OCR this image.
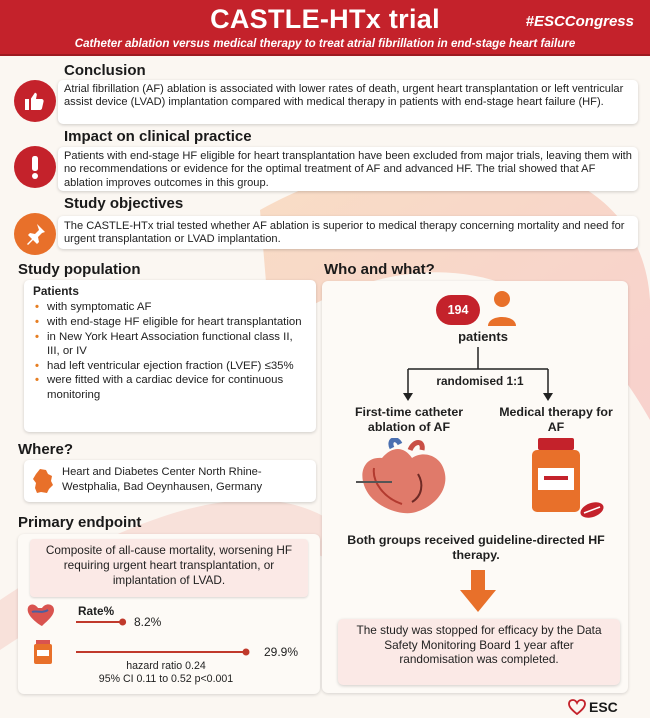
CASTLE-HTx trial	#ESCCongress
Catheter ablation versus medical therapy to treat atrial fibrillation in end-stage heart failure
Conclusion
Atrial fibrillation (AF) ablation is associated with lower rates of death, urgent heart transplantation or left ventricular assist device (LVAD) implantation compared with medical therapy in patients with end-stage heart failure (HF).
Impact on clinical practice
Patients with end-stage HF eligible for heart transplantation have been excluded from major trials, leaving them with no recommendations or evidence for the optimal treatment of AF and advanced HF. The trial showed that AF ablation improves outcomes in this group.
Study objectives
The CASTLE-HTx trial tested whether AF ablation is superior to medical therapy concerning mortality and need for urgent transplantation or LVAD implantation.
Study population
Patients
• with symptomatic AF
• with end-stage HF eligible for heart transplantation
• in New York Heart Association functional class II, III, or IV
• had left ventricular ejection fraction (LVEF) ≤35%
• were fitted with a cardiac device for continuous monitoring
Where?
Heart and Diabetes Center North Rhine-Westphalia, Bad Oeynhausen, Germany
Primary endpoint
Composite of all-cause mortality, worsening HF requiring urgent heart transplantation, or implantation of LVAD.
Rate%
8.2%
29.9%
hazard ratio 0.24
95% CI 0.11 to 0.52 p<0.001
Who and what?
194
patients
randomised 1:1
First-time catheter ablation of AF
Medical therapy for AF
Both groups received guideline-directed HF therapy.
The study was stopped for efficacy by the Data Safety Monitoring Board 1 year after randomisation was completed.
ESC
